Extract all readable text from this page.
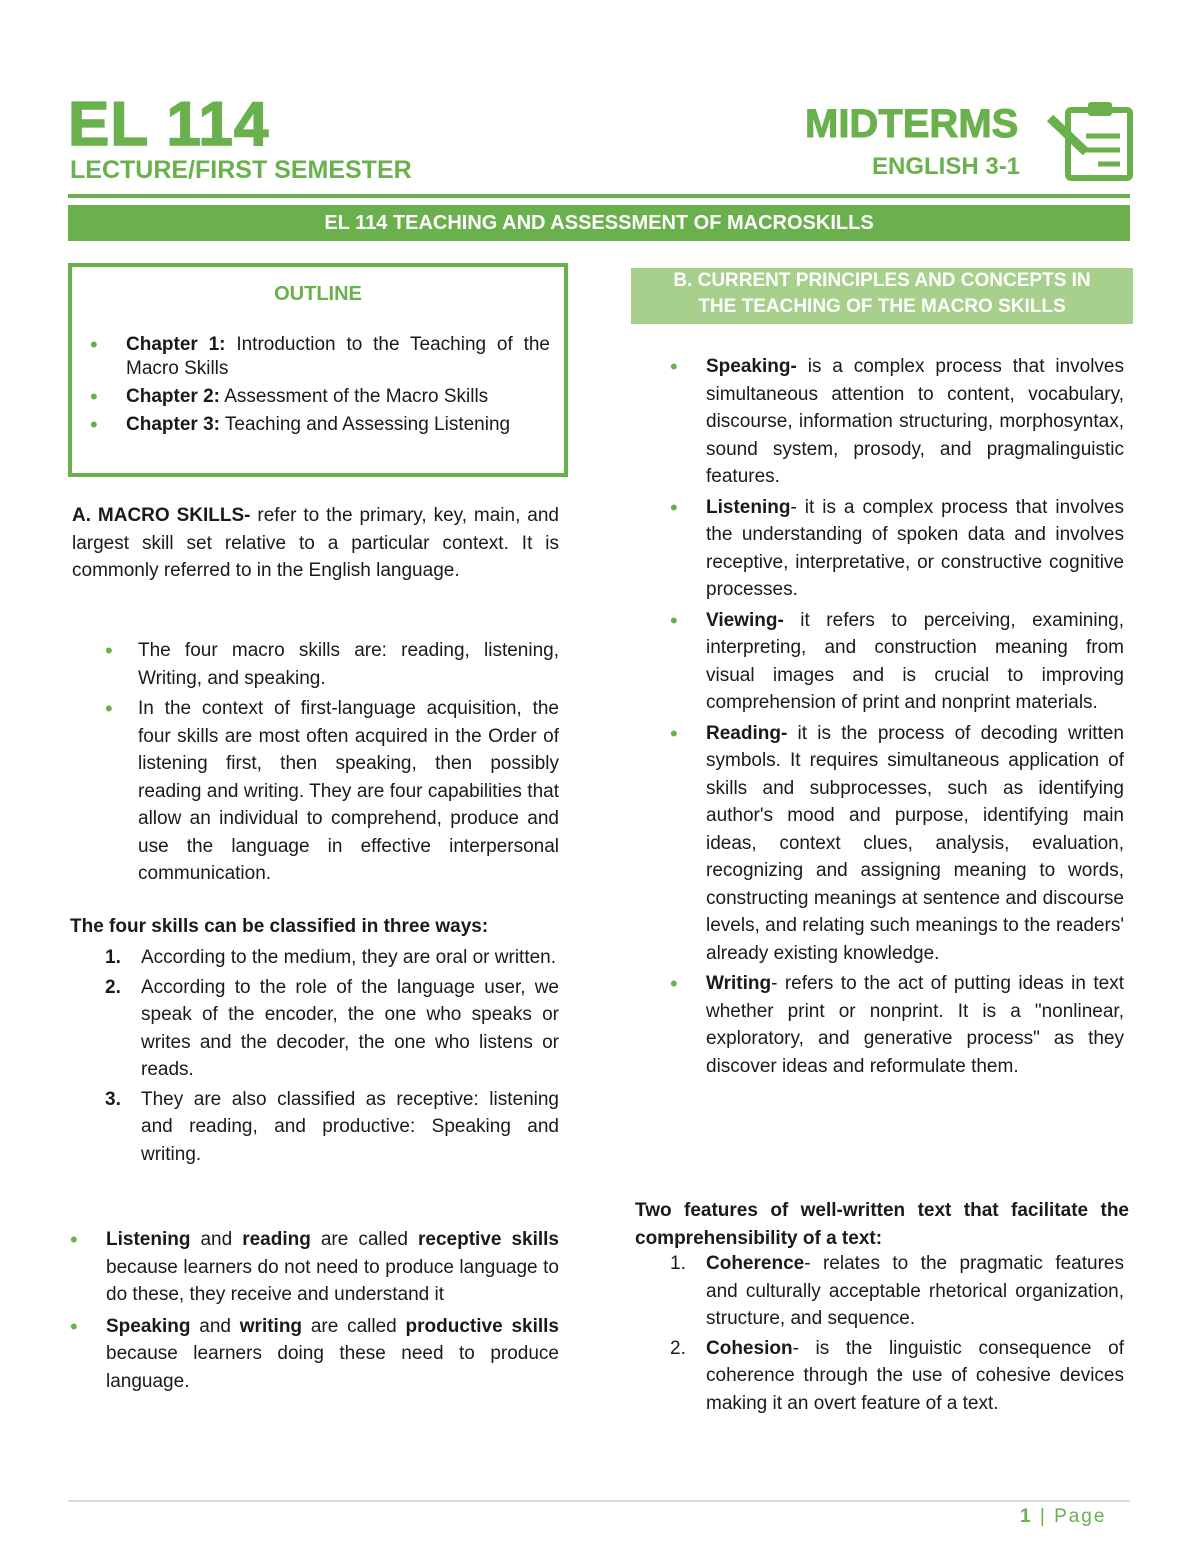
EL 114
LECTURE/FIRST SEMESTER
MIDTERMS
ENGLISH 3-1
EL 114 TEACHING AND ASSESSMENT OF MACROSKILLS
OUTLINE
• Chapter 1: Introduction to the Teaching of the Macro Skills
• Chapter 2: Assessment of the Macro Skills
• Chapter 3: Teaching and Assessing Listening
A. MACRO SKILLS- refer to the primary, key, main, and largest skill set relative to a particular context. It is commonly referred to in the English language.
• The four macro skills are: reading, listening, Writing, and speaking.
• In the context of first-language acquisition, the four skills are most often acquired in the Order of listening first, then speaking, then possibly reading and writing. They are four capabilities that allow an individual to comprehend, produce and use the language in effective interpersonal communication.
The four skills can be classified in three ways:
1. According to the medium, they are oral or written.
2. According to the role of the language user, we speak of the encoder, the one who speaks or writes and the decoder, the one who listens or reads.
3. They are also classified as receptive: listening and reading, and productive: Speaking and writing.
• Listening and reading are called receptive skills because learners do not need to produce language to do these, they receive and understand it
• Speaking and writing are called productive skills because learners doing these need to produce language.
B. CURRENT PRINCIPLES AND CONCEPTS IN
THE TEACHING OF THE MACRO SKILLS
• Speaking- is a complex process that involves simultaneous attention to content, vocabulary, discourse, information structuring, morphosyntax, sound system, prosody, and pragmalinguistic features.
• Listening- it is a complex process that involves the understanding of spoken data and involves receptive, interpretative, or constructive cognitive processes.
• Viewing- it refers to perceiving, examining, interpreting, and construction meaning from visual images and is crucial to improving comprehension of print and nonprint materials.
• Reading- it is the process of decoding written symbols. It requires simultaneous application of skills and subprocesses, such as identifying author's mood and purpose, identifying main ideas, context clues, analysis, evaluation, recognizing and assigning meaning to words, constructing meanings at sentence and discourse levels, and relating such meanings to the readers' already existing knowledge.
• Writing- refers to the act of putting ideas in text whether print or nonprint. It is a "nonlinear, exploratory, and generative process" as they discover ideas and reformulate them.
Two features of well-written text that facilitate the comprehensibility of a text:
1. Coherence- relates to the pragmatic features and culturally acceptable rhetorical organization, structure, and sequence.
2. Cohesion- is the linguistic consequence of coherence through the use of cohesive devices making it an overt feature of a text.
1 | Page
